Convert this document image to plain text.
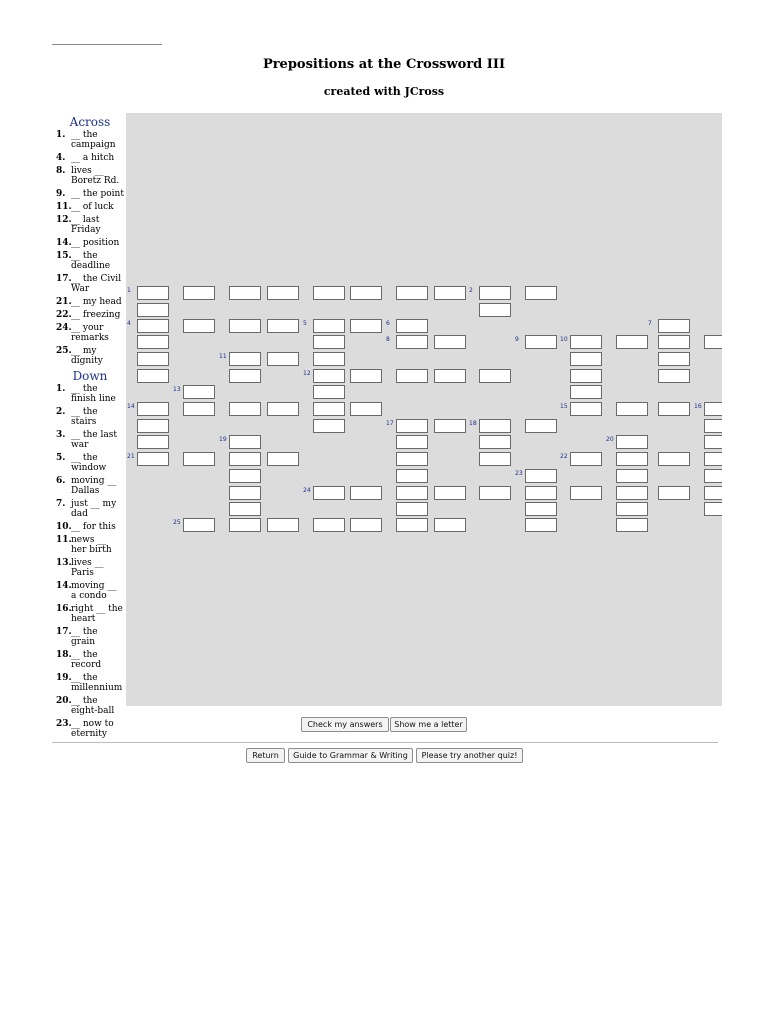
Prepositions at the Crossword III
created with JCross
Across
1. __ the campaign
4. __ a hitch
8. lives __ Boretz Rd.
9. __ the point
11. __ of luck
12. __ last Friday
14. __ position
15. __ the deadline
17. __ the Civil War
21. __ my head
22. __ freezing
24. __ your remarks
25. __ my dignity
Down
1. __ the finish line
2. __ the stairs
3. __ the last war
5. __ the window
6. moving __ Dallas
7. just __ my dad
10. __ for this
11. news __ her birth
13. lives __ Paris
14. moving __ a condo
16. right __ the heart
17. __ the grain
18. __ the record
19. __ the millennium
20. __ the eight-ball
23. __ now to eternity
1	2
4	5	6	7
8	9	10
11
12
13
14	15	16
17	18
19	20
21	22
23
24
25
Check my answers	Show me a letter
Return	Guide to Grammar & Writing	Please try another quiz!
